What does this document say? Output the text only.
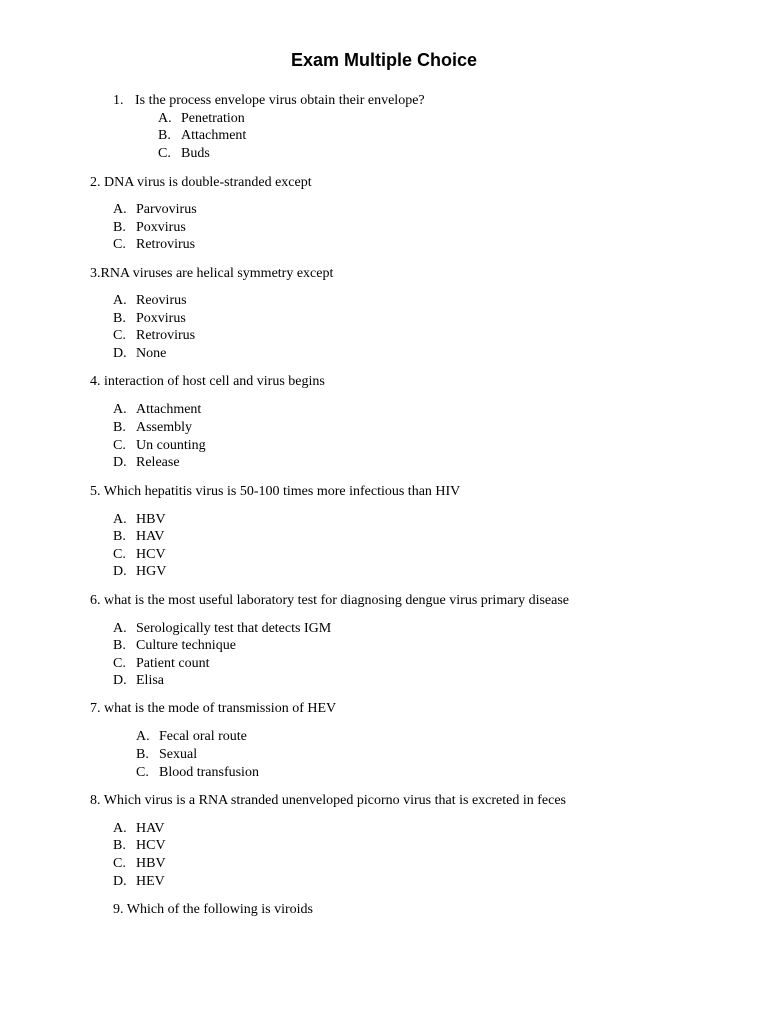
Exam Multiple Choice
1. Is the process envelope virus obtain their envelope?
A. Penetration
B. Attachment
C. Buds
2. DNA virus is double-stranded except
A. Parvovirus
B. Poxvirus
C. Retrovirus
3.RNA viruses are helical symmetry except
A. Reovirus
B. Poxvirus
C. Retrovirus
D. None
4. interaction of host cell and virus begins
A. Attachment
B. Assembly
C. Un counting
D. Release
5. Which hepatitis virus is 50-100 times more infectious than HIV
A. HBV
B. HAV
C. HCV
D. HGV
6. what is the most useful laboratory test for diagnosing dengue virus primary disease
A. Serologically test that detects IGM
B. Culture technique
C. Patient count
D. Elisa
7. what is the mode of transmission of HEV
A. Fecal oral route
B. Sexual
C. Blood transfusion
8. Which virus is a RNA stranded unenveloped picorno virus that is excreted in feces
A. HAV
B. HCV
C. HBV
D. HEV
9. Which of the following is viroids
